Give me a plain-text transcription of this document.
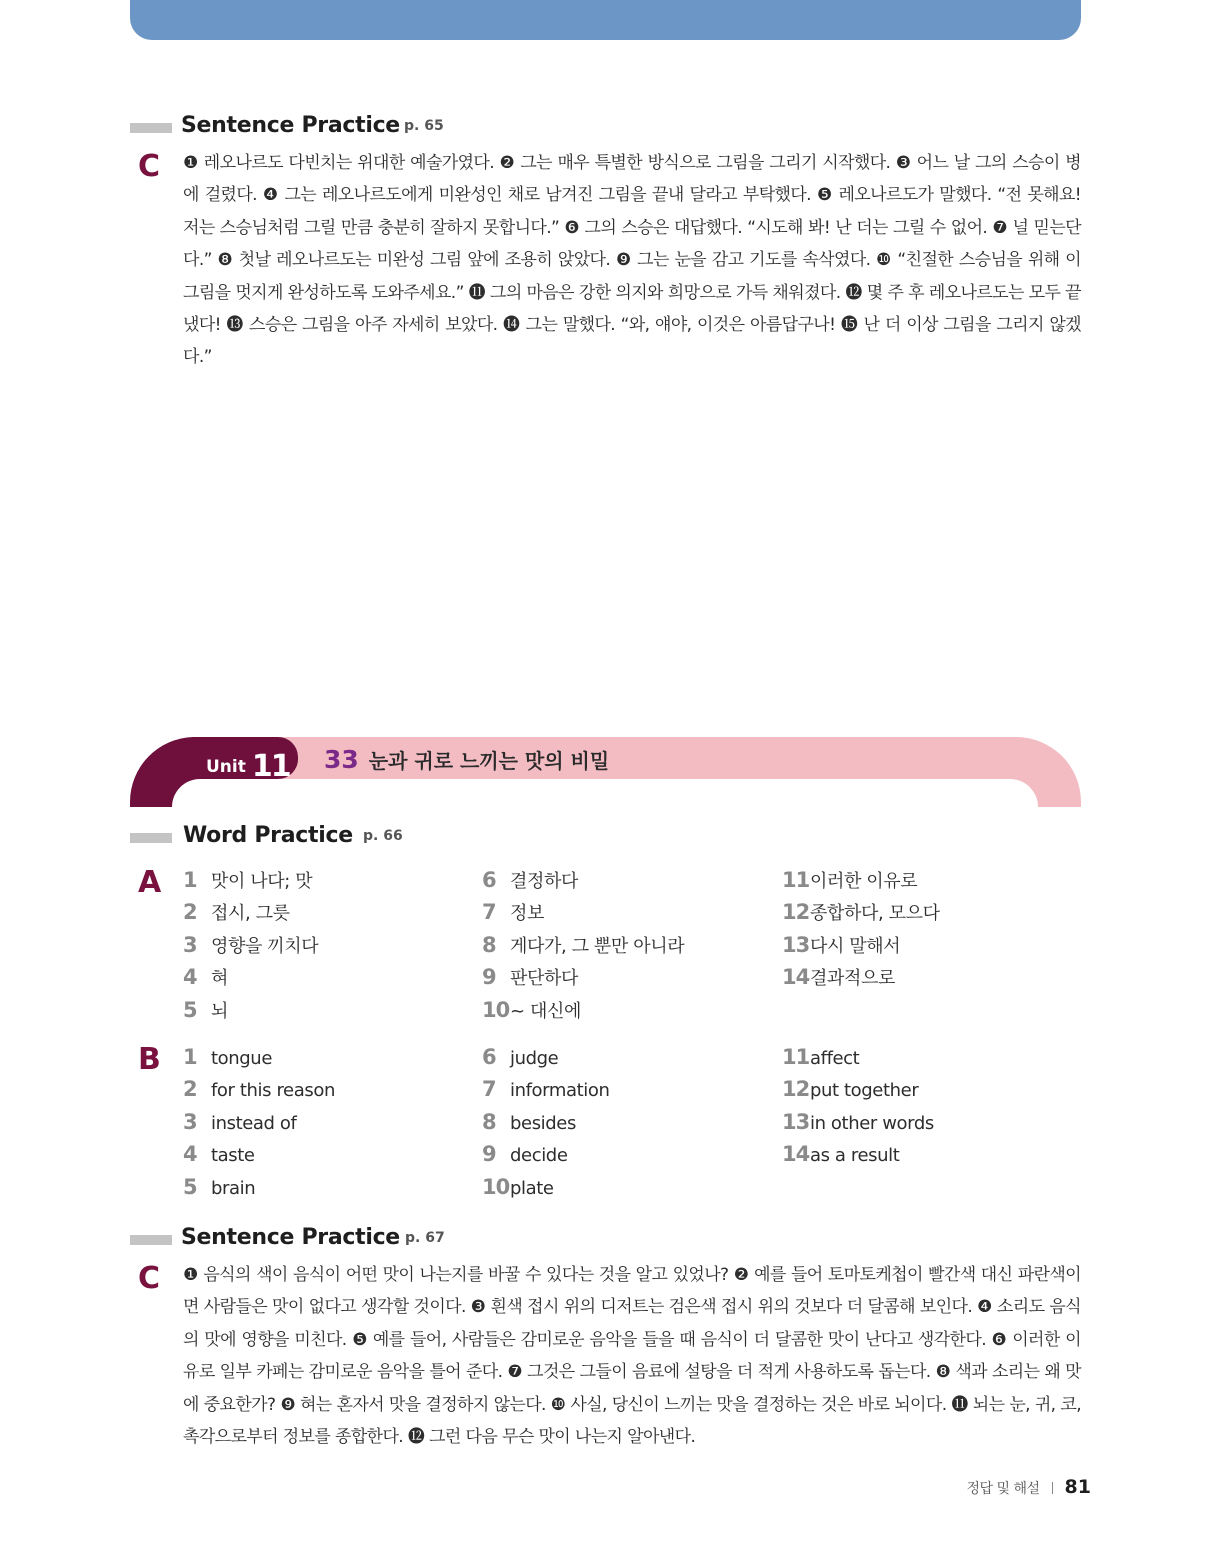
Sentence Practice p. 65
C ❶ 레오나르도 다빈치는 위대한 예술가였다. ❷ 그는 매우 특별한 방식으로 그림을 그리기 시작했다. ❸ 어느 날 그의 스승이 병에 걸렸다. ❹ 그는 레오나르도에게 미완성인 채로 남겨진 그림을 끝내 달라고 부탁했다. ❺ 레오나르도가 말했다. “전 못해요! 저는 스승님처럼 그릴 만큼 충분히 잘하지 못합니다.” ❻ 그의 스승은 대답했다. “시도해 봐! 난 더는 그릴 수 없어. ❼ 널 믿는단다.” ❽ 첫날 레오나르도는 미완성 그림 앞에 조용히 앉았다. ❾ 그는 눈을 감고 기도를 속삭였다. ❿ “친절한 스승님을 위해 이 그림을 멋지게 완성하도록 도와주세요.” ⓫ 그의 마음은 강한 의지와 희망으로 가득 채워졌다. ⓬ 몇 주 후 레오나르도는 모두 끝냈다! ⓭ 스승은 그림을 아주 자세히 보았다. ⓮ 그는 말했다. “와, 얘야, 이것은 아름답구나! ⓯ 난 더 이상 그림을 그리지 않겠다.”
Unit 11 33 눈과 귀로 느끼는 맛의 비밀
Word Practice p. 66
A 1 맛이 나다; 맛
2 접시, 그릇
3 영향을 끼치다
4 혀
5 뇌
6 결정하다
7 정보
8 게다가, 그 뿐만 아니라
9 판단하다
10~ 대신에
11이러한 이유로
12종합하다, 모으다
13다시 말해서
14결과적으로
B 1 tongue
2 for this reason
3 instead of
4 taste
5 brain
6 judge
7 information
8 besides
9 decide
10plate
11affect
12put together
13in other words
14as a result
Sentence Practice p. 67
C ❶ 음식의 색이 음식이 어떤 맛이 나는지를 바꿀 수 있다는 것을 알고 있었나? ❷ 예를 들어 토마토케첩이 빨간색 대신 파란색이면 사람들은 맛이 없다고 생각할 것이다. ❸ 흰색 접시 위의 디저트는 검은색 접시 위의 것보다 더 달콤해 보인다. ❹ 소리도 음식의 맛에 영향을 미친다. ❺ 예를 들어, 사람들은 감미로운 음악을 들을 때 음식이 더 달콤한 맛이 난다고 생각한다. ❻ 이러한 이유로 일부 카페는 감미로운 음악을 틀어 준다. ❼ 그것은 그들이 음료에 설탕을 더 적게 사용하도록 돕는다. ❽ 색과 소리는 왜 맛에 중요한가? ❾ 혀는 혼자서 맛을 결정하지 않는다. ❿ 사실, 당신이 느끼는 맛을 결정하는 것은 바로 뇌이다. ⓫ 뇌는 눈, 귀, 코, 촉각으로부터 정보를 종합한다. ⓬ 그런 다음 무슨 맛이 나는지 알아낸다.
정답 및 해설 81
